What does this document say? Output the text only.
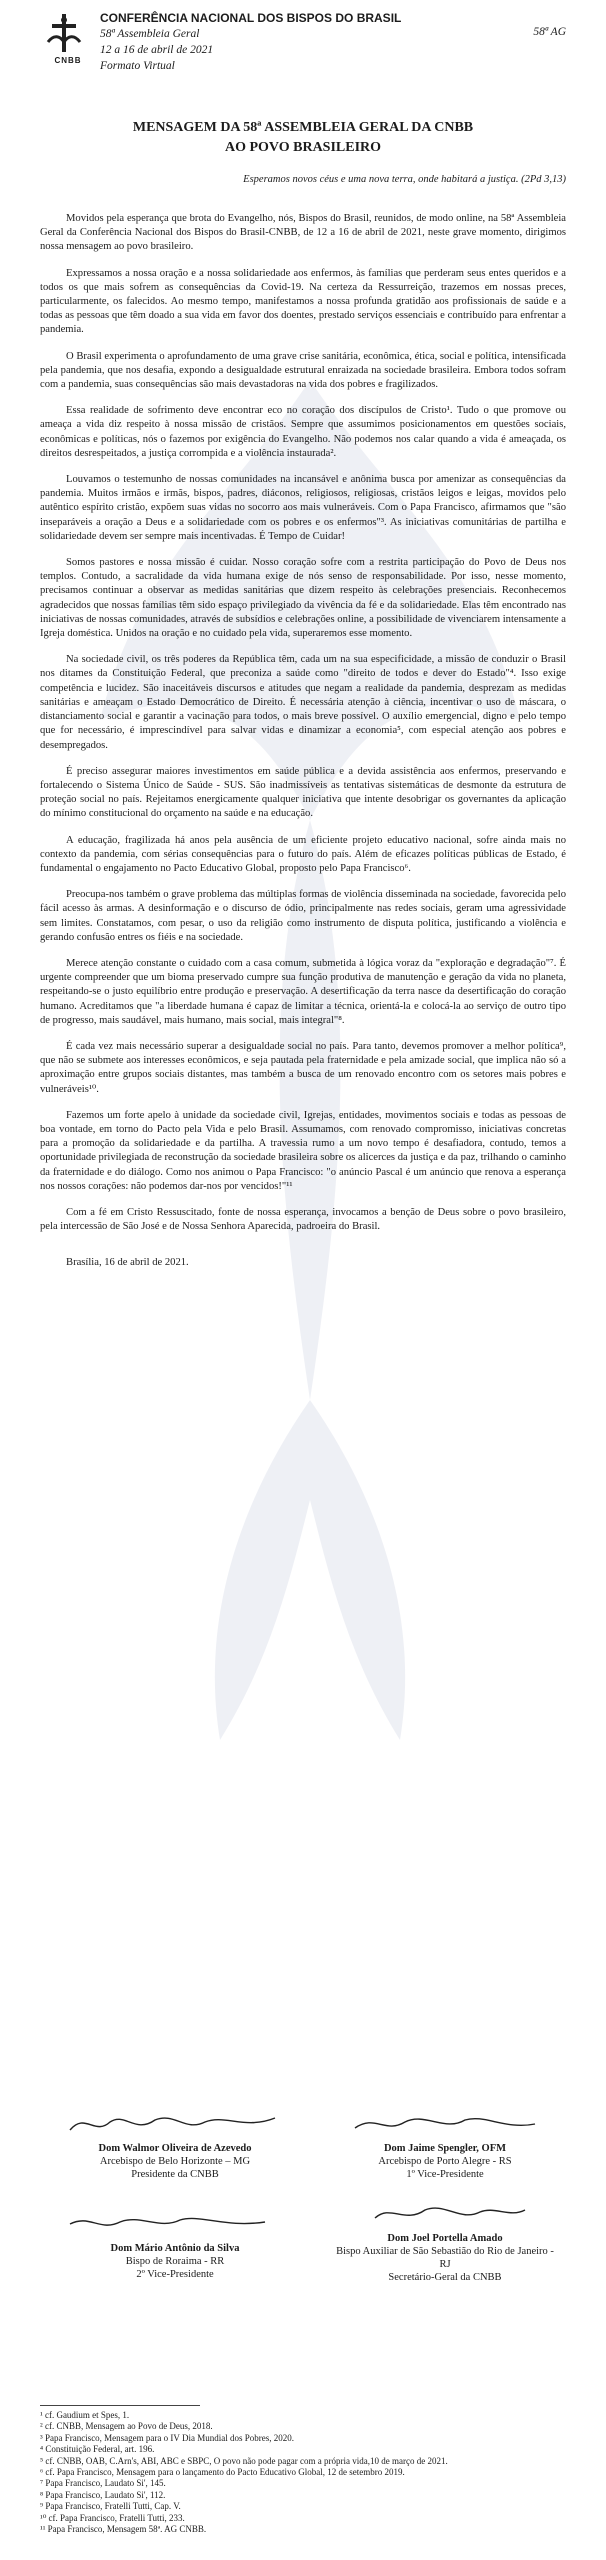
CNBB
CONFERÊNCIA NACIONAL DOS BISPOS DO BRASIL
58ª Assembleia Geral
12 a 16 de abril de 2021
Formato Virtual
58ª AG
MENSAGEM DA 58ª ASSEMBLEIA GERAL DA CNBB
AO POVO BRASILEIRO
Esperamos novos céus e uma nova terra, onde habitará a justiça. (2Pd 3,13)

Movidos pela esperança que brota do Evangelho, nós, Bispos do Brasil, reunidos, de modo online, na 58ª Assembleia Geral da Conferência Nacional dos Bispos do Brasil-CNBB, de 12 a 16 de abril de 2021, neste grave momento, dirigimos nossa mensagem ao povo brasileiro.

Expressamos a nossa oração e a nossa solidariedade aos enfermos, às famílias que perderam seus entes queridos e a todos os que mais sofrem as consequências da Covid-19. Na certeza da Ressurreição, trazemos em nossas preces, particularmente, os falecidos. Ao mesmo tempo, manifestamos a nossa profunda gratidão aos profissionais de saúde e a todas as pessoas que têm doado a sua vida em favor dos doentes, prestado serviços essenciais e contribuído para enfrentar a pandemia.

O Brasil experimenta o aprofundamento de uma grave crise sanitária, econômica, ética, social e política, intensificada pela pandemia, que nos desafia, expondo a desigualdade estrutural enraizada na sociedade brasileira. Embora todos sofram com a pandemia, suas consequências são mais devastadoras na vida dos pobres e fragilizados.

Essa realidade de sofrimento deve encontrar eco no coração dos discípulos de Cristo¹. Tudo o que promove ou ameaça a vida diz respeito à nossa missão de cristãos. Sempre que assumimos posicionamentos em questões sociais, econômicas e políticas, nós o fazemos por exigência do Evangelho. Não podemos nos calar quando a vida é ameaçada, os direitos desrespeitados, a justiça corrompida e a violência instaurada².

Louvamos o testemunho de nossas comunidades na incansável e anônima busca por amenizar as consequências da pandemia. Muitos irmãos e irmãs, bispos, padres, diáconos, religiosos, religiosas, cristãos leigos e leigas, movidos pelo autêntico espírito cristão, expõem suas vidas no socorro aos mais vulneráveis. Com o Papa Francisco, afirmamos que "são inseparáveis a oração a Deus e a solidariedade com os pobres e os enfermos"³. As iniciativas comunitárias de partilha e solidariedade devem ser sempre mais incentivadas. É Tempo de Cuidar!

Somos pastores e nossa missão é cuidar. Nosso coração sofre com a restrita participação do Povo de Deus nos templos. Contudo, a sacralidade da vida humana exige de nós senso de responsabilidade. Por isso, nesse momento, precisamos continuar a observar as medidas sanitárias que dizem respeito às celebrações presenciais. Reconhecemos agradecidos que nossas famílias têm sido espaço privilegiado da vivência da fé e da solidariedade. Elas têm encontrado nas iniciativas de nossas comunidades, através de subsídios e celebrações online, a possibilidade de vivenciarem intensamente a Igreja doméstica. Unidos na oração e no cuidado pela vida, superaremos esse momento.

Na sociedade civil, os três poderes da República têm, cada um na sua especificidade, a missão de conduzir o Brasil nos ditames da Constituição Federal, que preconiza a saúde como "direito de todos e dever do Estado"⁴. Isso exige competência e lucidez. São inaceitáveis discursos e atitudes que negam a realidade da pandemia, desprezam as medidas sanitárias e ameaçam o Estado Democrático de Direito. É necessária atenção à ciência, incentivar o uso de máscara, o distanciamento social e garantir a vacinação para todos, o mais breve possível. O auxílio emergencial, digno e pelo tempo que for necessário, é imprescindível para salvar vidas e dinamizar a economia⁵, com especial atenção aos pobres e desempregados.

É preciso assegurar maiores investimentos em saúde pública e a devida assistência aos enfermos, preservando e fortalecendo o Sistema Único de Saúde - SUS. São inadmissíveis as tentativas sistemáticas de desmonte da estrutura de proteção social no país. Rejeitamos energicamente qualquer iniciativa que intente desobrigar os governantes da aplicação do mínimo constitucional do orçamento na saúde e na educação.

A educação, fragilizada há anos pela ausência de um eficiente projeto educativo nacional, sofre ainda mais no contexto da pandemia, com sérias consequências para o futuro do país. Além de eficazes políticas públicas de Estado, é fundamental o engajamento no Pacto Educativo Global, proposto pelo Papa Francisco⁶.

Preocupa-nos também o grave problema das múltiplas formas de violência disseminada na sociedade, favorecida pelo fácil acesso às armas. A desinformação e o discurso de ódio, principalmente nas redes sociais, geram uma agressividade sem limites. Constatamos, com pesar, o uso da religião como instrumento de disputa política, justificando a violência e gerando confusão entres os fiéis e na sociedade.

Merece atenção constante o cuidado com a casa comum, submetida à lógica voraz da "exploração e degradação"⁷. É urgente compreender que um bioma preservado cumpre sua função produtiva de manutenção e geração da vida no planeta, respeitando-se o justo equilíbrio entre produção e preservação. A desertificação da terra nasce da desertificação do coração humano. Acreditamos que "a liberdade humana é capaz de limitar a técnica, orientá-la e colocá-la ao serviço de outro tipo de progresso, mais saudável, mais humano, mais social, mais integral"⁸.

É cada vez mais necessário superar a desigualdade social no país. Para tanto, devemos promover a melhor política⁹, que não se submete aos interesses econômicos, e seja pautada pela fraternidade e pela amizade social, que implica não só a aproximação entre grupos sociais distantes, mas também a busca de um renovado encontro com os setores mais pobres e vulneráveis¹⁰.

Fazemos um forte apelo à unidade da sociedade civil, Igrejas, entidades, movimentos sociais e todas as pessoas de boa vontade, em torno do Pacto pela Vida e pelo Brasil. Assumamos, com renovado compromisso, iniciativas concretas para a promoção da solidariedade e da partilha. A travessia rumo a um novo tempo é desafiadora, contudo, temos a oportunidade privilegiada de reconstrução da sociedade brasileira sobre os alicerces da justiça e da paz, trilhando o caminho da fraternidade e do diálogo. Como nos animou o Papa Francisco: "o anúncio Pascal é um anúncio que renova a esperança nos nossos corações: não podemos dar-nos por vencidos!"¹¹

Com a fé em Cristo Ressuscitado, fonte de nossa esperança, invocamos a benção de Deus sobre o povo brasileiro, pela intercessão de São José e de Nossa Senhora Aparecida, padroeira do Brasil.

Brasília, 16 de abril de 2021.

Dom Walmor Oliveira de Azevedo
Arcebispo de Belo Horizonte – MG
Presidente da CNBB
Dom Jaime Spengler, OFM
Arcebispo de Porto Alegre - RS
1º Vice-Presidente
Dom Mário Antônio da Silva
Bispo de Roraima - RR
2º Vice-Presidente
Dom Joel Portella Amado
Bispo Auxiliar de São Sebastião do Rio de Janeiro - RJ
Secretário-Geral da CNBB
¹ cf. Gaudium et Spes, 1.
² cf. CNBB, Mensagem ao Povo de Deus, 2018.
³ Papa Francisco, Mensagem para o IV Dia Mundial dos Pobres, 2020.
⁴ Constituição Federal, art. 196.
⁵ cf. CNBB, OAB, C.Arn's, ABI, ABC e SBPC, O povo não pode pagar com a própria vida,10 de março de 2021.
⁶ cf. Papa Francisco, Mensagem para o lançamento do Pacto Educativo Global, 12 de setembro 2019.
⁷ Papa Francisco, Laudato Si', 145.
⁸ Papa Francisco, Laudato Si', 112.
⁹ Papa Francisco, Fratelli Tutti, Cap. V.
¹⁰ cf. Papa Francisco, Fratelli Tutti, 233.
¹¹ Papa Francisco, Mensagem 58ª. AG CNBB.
